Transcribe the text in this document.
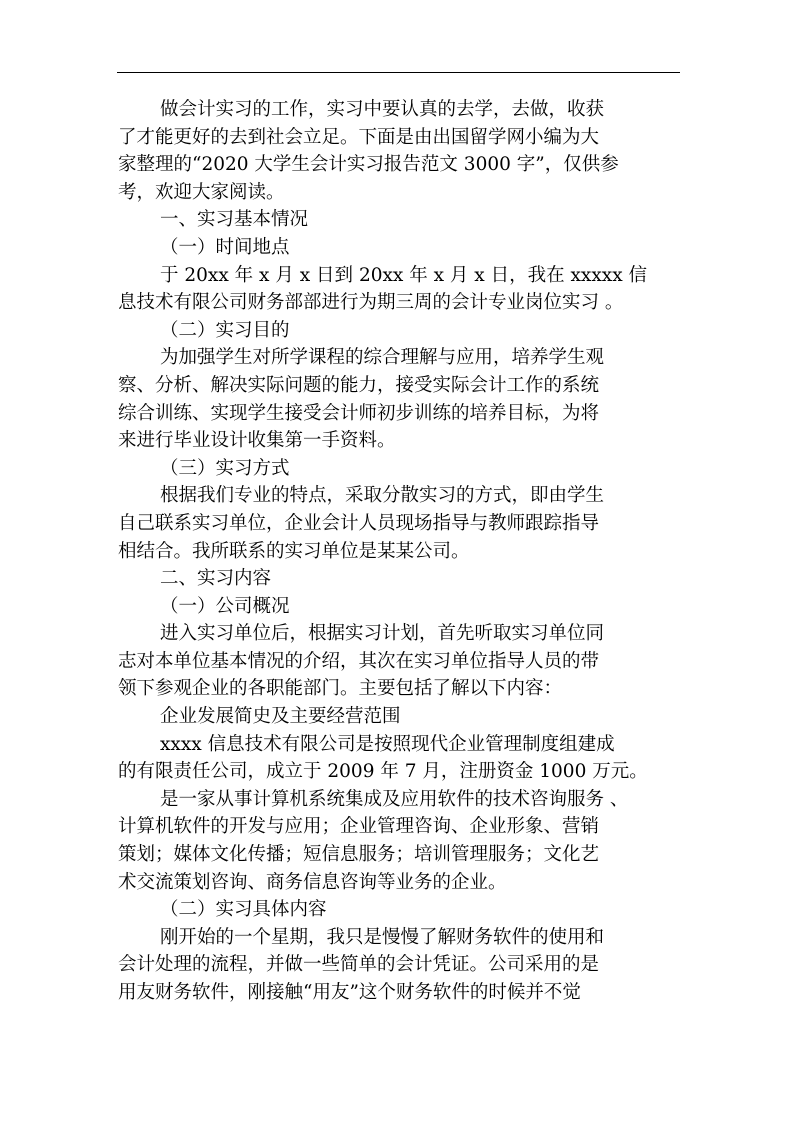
做会计实习的工作，实习中要认真的去学，去做，收获
了才能更好的去到社会立足。下面是由出国留学网小编为大
家整理的“2020 大学生会计实习报告范文 3000 字”，仅供参
考，欢迎大家阅读。
一、实习基本情况
（一）时间地点
于 20xx 年 x 月 x 日到 20xx 年 x 月 x 日，我在 xxxxx 信
息技术有限公司财务部部进行为期三周的会计专业岗位实习 。
（二）实习目的
为加强学生对所学课程的综合理解与应用，培养学生观
察、分析、解决实际问题的能力，接受实际会计工作的系统
综合训练、实现学生接受会计师初步训练的培养目标，为将
来进行毕业设计收集第一手资料。
（三）实习方式
根据我们专业的特点，采取分散实习的方式，即由学生
自己联系实习单位，企业会计人员现场指导与教师跟踪指导
相结合。我所联系的实习单位是某某公司。
二、实习内容
（一）公司概况
进入实习单位后，根据实习计划，首先听取实习单位同
志对本单位基本情况的介绍，其次在实习单位指导人员的带
领下参观企业的各职能部门。主要包括了解以下内容：
企业发展简史及主要经营范围
xxxx 信息技术有限公司是按照现代企业管理制度组建成
的有限责任公司，成立于 2009 年 7 月，注册资金 1000 万元。
是一家从事计算机系统集成及应用软件的技术咨询服务 、
计算机软件的开发与应用；企业管理咨询、企业形象、营销
策划；媒体文化传播；短信息服务；培训管理服务；文化艺
术交流策划咨询、商务信息咨询等业务的企业。
（二）实习具体内容
刚开始的一个星期，我只是慢慢了解财务软件的使用和
会计处理的流程，并做一些简单的会计凭证。公司采用的是
用友财务软件，刚接触“用友”这个财务软件的时候并不觉
